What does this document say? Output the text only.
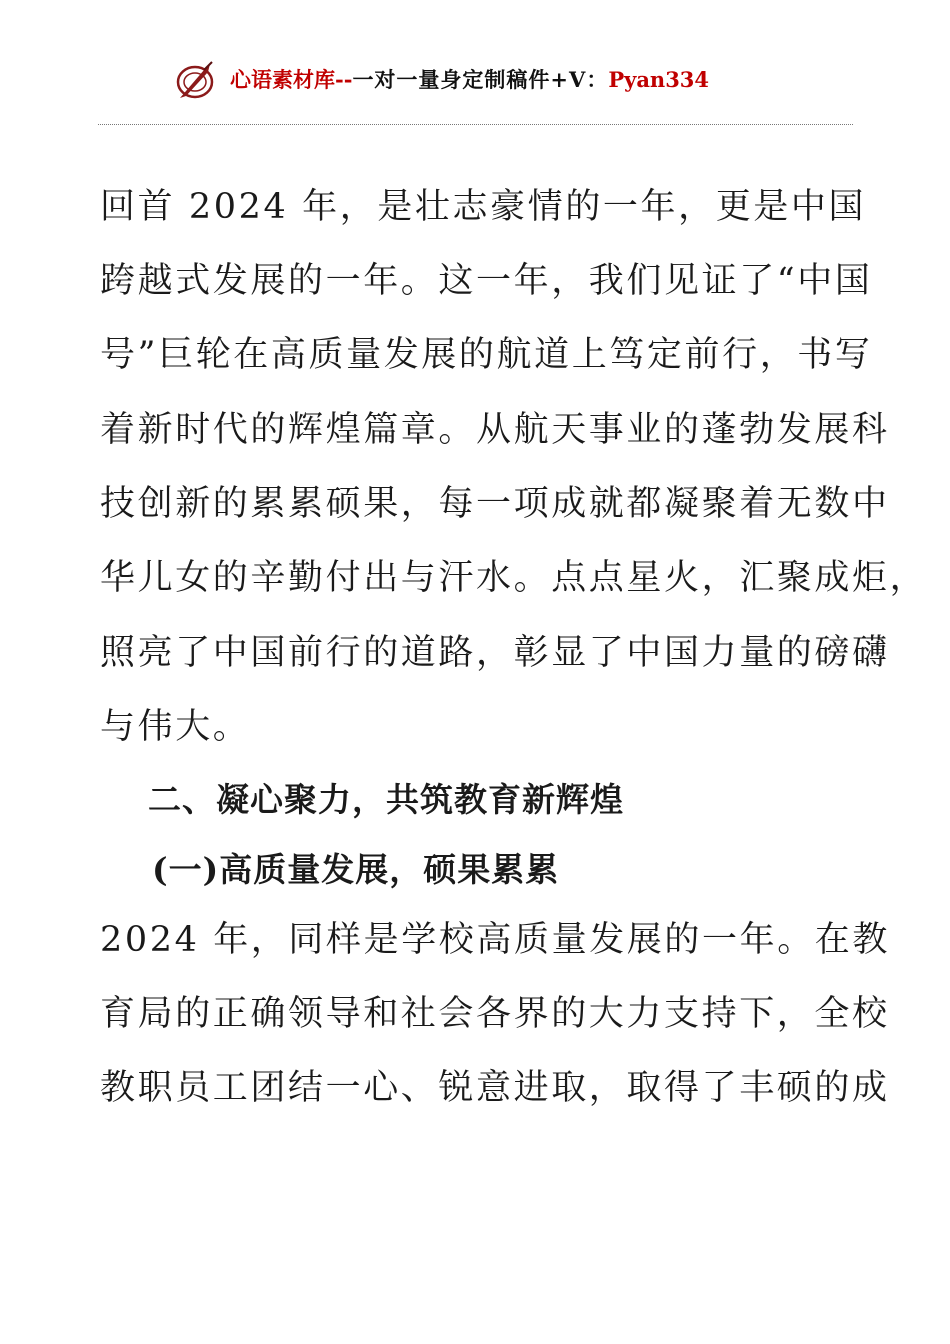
心语素材库--一对一量身定制稿件+V：Pyan334
回首 2024 年，是壮志豪情的一年，更是中国
跨越式发展的一年。这一年，我们见证了“中国
号”巨轮在高质量发展的航道上笃定前行，书写
着新时代的辉煌篇章。从航天事业的蓬勃发展科
技创新的累累硕果，每一项成就都凝聚着无数中
华儿女的辛勤付出与汗水。点点星火，汇聚成炬，
照亮了中国前行的道路，彰显了中国力量的磅礴
与伟大。
二、凝心聚力，共筑教育新辉煌
(一)高质量发展，硕果累累
2024 年，同样是学校高质量发展的一年。在教
育局的正确领导和社会各界的大力支持下，全校
教职员工团结一心、锐意进取，取得了丰硕的成
